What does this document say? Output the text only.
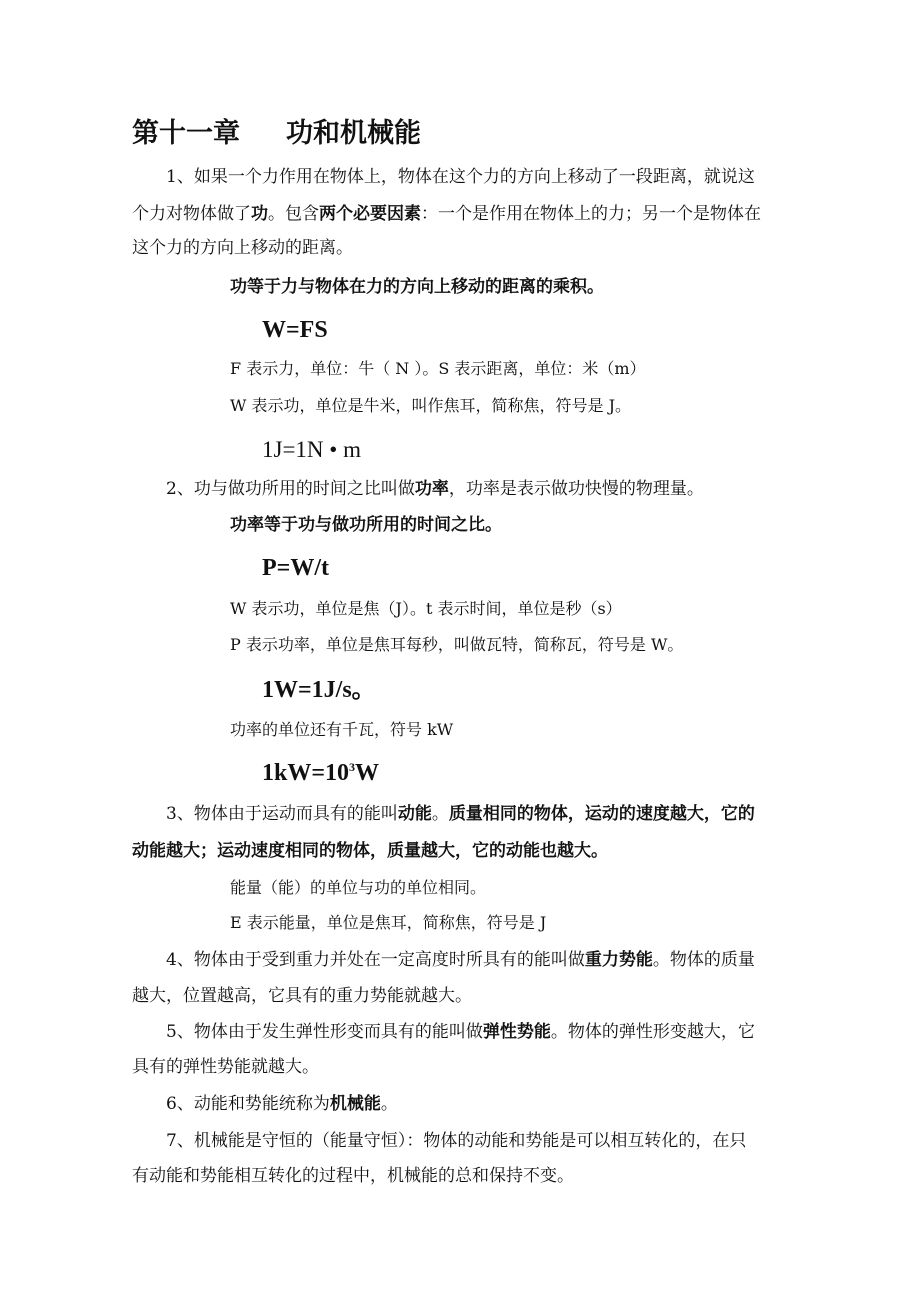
第十一章 功和机械能
1、如果一个力作用在物体上，物体在这个力的方向上移动了一段距离，就说这
个力对物体做了功。包含两个必要因素：一个是作用在物体上的力；另一个是物体在
这个力的方向上移动的距离。
功等于力与物体在力的方向上移动的距离的乘积。
W=FS
F 表示力，单位：牛（ N ）。S 表示距离，单位：米（m）
W 表示功，单位是牛米，叫作焦耳，简称焦，符号是 J。
1J=1N • m
2、功与做功所用的时间之比叫做功率，功率是表示做功快慢的物理量。
功率等于功与做功所用的时间之比。
P=W/t
W 表示功，单位是焦（J）。t 表示时间，单位是秒（s）
P 表示功率，单位是焦耳每秒，叫做瓦特，简称瓦，符号是 W。
1W=1J/s。
功率的单位还有千瓦，符号 kW
$1kW=10^3W$
3、物体由于运动而具有的能叫动能。质量相同的物体，运动的速度越大，它的
动能越大；运动速度相同的物体，质量越大，它的动能也越大。
能量（能）的单位与功的单位相同。
E 表示能量，单位是焦耳，简称焦，符号是 J
4、物体由于受到重力并处在一定高度时所具有的能叫做重力势能。物体的质量
越大，位置越高，它具有的重力势能就越大。
5、物体由于发生弹性形变而具有的能叫做弹性势能。物体的弹性形变越大，它
具有的弹性势能就越大。
6、动能和势能统称为机械能。
7、机械能是守恒的（能量守恒）：物体的动能和势能是可以相互转化的，在只
有动能和势能相互转化的过程中，机械能的总和保持不变。
